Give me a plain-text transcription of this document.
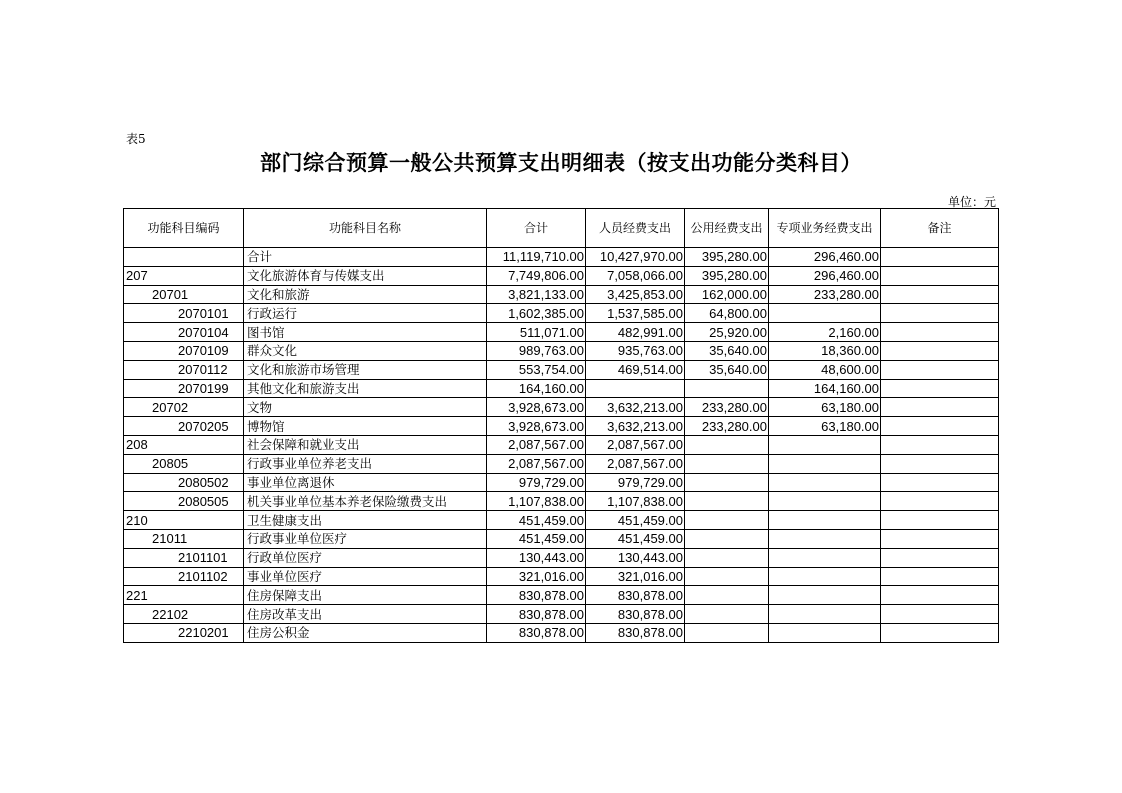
表5
部门综合预算一般公共预算支出明细表（按支出功能分类科目）
单位：元
功能科目编码	功能科目名称	合计	人员经费支出	公用经费支出	专项业务经费支出	备注
	合计	11,119,710.00	10,427,970.00	395,280.00	296,460.00	
207	文化旅游体育与传媒支出	7,749,806.00	7,058,066.00	395,280.00	296,460.00	
20701	文化和旅游	3,821,133.00	3,425,853.00	162,000.00	233,280.00	
2070101	行政运行	1,602,385.00	1,537,585.00	64,800.00		
2070104	图书馆	511,071.00	482,991.00	25,920.00	2,160.00	
2070109	群众文化	989,763.00	935,763.00	35,640.00	18,360.00	
2070112	文化和旅游市场管理	553,754.00	469,514.00	35,640.00	48,600.00	
2070199	其他文化和旅游支出	164,160.00			164,160.00	
20702	文物	3,928,673.00	3,632,213.00	233,280.00	63,180.00	
2070205	博物馆	3,928,673.00	3,632,213.00	233,280.00	63,180.00	
208	社会保障和就业支出	2,087,567.00	2,087,567.00			
20805	行政事业单位养老支出	2,087,567.00	2,087,567.00			
2080502	事业单位离退休	979,729.00	979,729.00			
2080505	机关事业单位基本养老保险缴费支出	1,107,838.00	1,107,838.00			
210	卫生健康支出	451,459.00	451,459.00			
21011	行政事业单位医疗	451,459.00	451,459.00			
2101101	行政单位医疗	130,443.00	130,443.00			
2101102	事业单位医疗	321,016.00	321,016.00			
221	住房保障支出	830,878.00	830,878.00			
22102	住房改革支出	830,878.00	830,878.00			
2210201	住房公积金	830,878.00	830,878.00			
